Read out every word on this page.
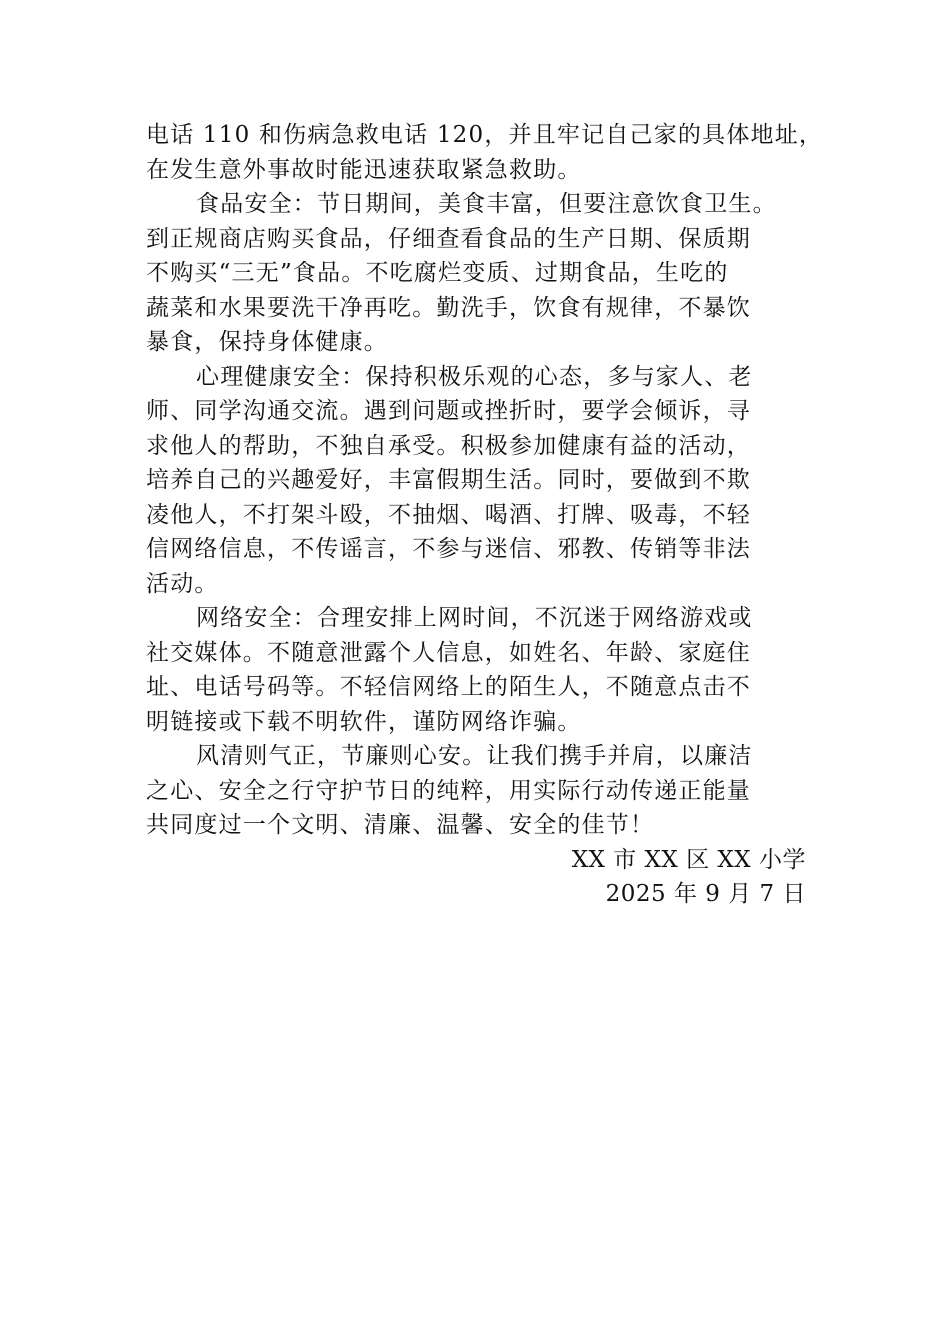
电话 110 和伤病急救电话 120，并且牢记自己家的具体地址，
在发生意外事故时能迅速获取紧急救助。
食品安全：节日期间，美食丰富，但要注意饮食卫生。
到正规商店购买食品，仔细查看食品的生产日期、保质期
不购买“三无”食品。不吃腐烂变质、过期食品，生吃的
蔬菜和水果要洗干净再吃。勤洗手，饮食有规律，不暴饮
暴食，保持身体健康。
心理健康安全：保持积极乐观的心态，多与家人、老
师、同学沟通交流。遇到问题或挫折时，要学会倾诉，寻
求他人的帮助，不独自承受。积极参加健康有益的活动，
培养自己的兴趣爱好，丰富假期生活。同时，要做到不欺
凌他人，不打架斗殴，不抽烟、喝酒、打牌、吸毒，不轻
信网络信息，不传谣言，不参与迷信、邪教、传销等非法
活动。
网络安全：合理安排上网时间，不沉迷于网络游戏或
社交媒体。不随意泄露个人信息，如姓名、年龄、家庭住
址、电话号码等。不轻信网络上的陌生人，不随意点击不
明链接或下载不明软件，谨防网络诈骗。
风清则气正，节廉则心安。让我们携手并肩，以廉洁
之心、安全之行守护节日的纯粹，用实际行动传递正能量
共同度过一个文明、清廉、温馨、安全的佳节！
XX 市 XX 区 XX 小学
2025 年 9 月 7 日
